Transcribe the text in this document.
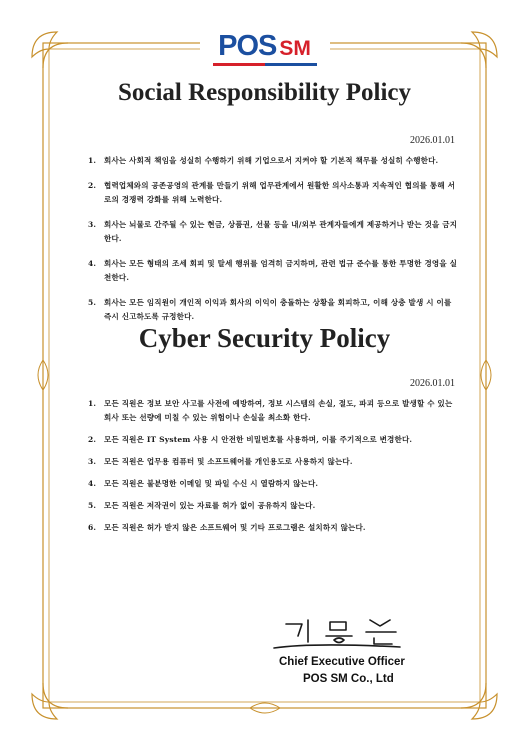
POS SM
Social Responsibility Policy
2026.01.01
1. 회사는 사회적 책임을 성실히 수행하기 위해 기업으로서 지켜야 할 기본적 책무를 성실히 수행한다.
2. 협력업체와의 공존공영의 관계를 만들기 위해 업무관계에서 원활한 의사소통과 지속적인 협의를 통해 서로의 경쟁력 강화를 위해 노력한다.
3. 회사는 뇌물로 간주될 수 있는 현금, 상품권, 선물 등을 내/외부 관계자들에게 제공하거나 받는 것을 금지한다.
4. 회사는 모든 형태의 조세 회피 및 탈세 행위를 엄격히 금지하며, 관련 법규 준수를 통한 투명한 경영을 실천한다.
5. 회사는 모든 임직원이 개인적 이익과 회사의 이익이 충돌하는 상황을 회피하고, 이해 상충 발생 시 이를 즉시 신고하도록 규정한다.
Cyber Security Policy
2026.01.01
1. 모든 직원은 정보 보안 사고를 사전에 예방하여, 정보 시스템의 손실, 절도, 파괴 등으로 발생할 수 있는 회사 또는 선량에 미칠 수 있는 위험이나 손실을 최소화 한다.
2. 모든 직원은 IT System 사용 시 안전한 비밀번호를 사용하며, 이를 주기적으로 변경한다.
3. 모든 직원은 업무용 컴퓨터 및 소프트웨어를 개인용도로 사용하지 않는다.
4. 모든 직원은 불분명한 이메일 및 파일 수신 시 열람하지 않는다.
5. 모든 직원은 저작권이 있는 자료를 허가 없이 공유하지 않는다.
6. 모든 직원은 허가 받지 않은 소프트웨어 및 기타 프로그램은 설치하지 않는다.
Chief Executive Officer
POS SM Co., Ltd
